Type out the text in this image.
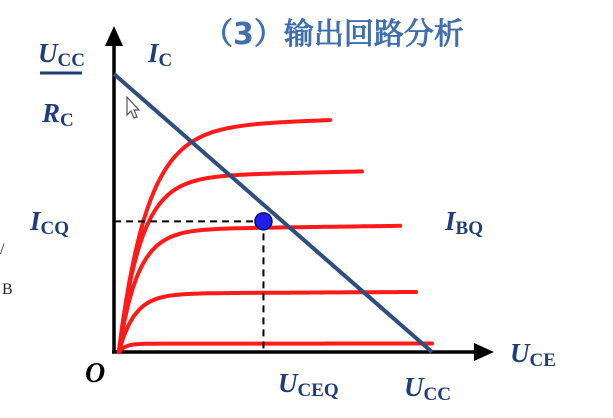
（3）输出回路分析
/
B
UCC
RC
IC
ICQ	IBQ
UCE
O	UCEQ UCC
